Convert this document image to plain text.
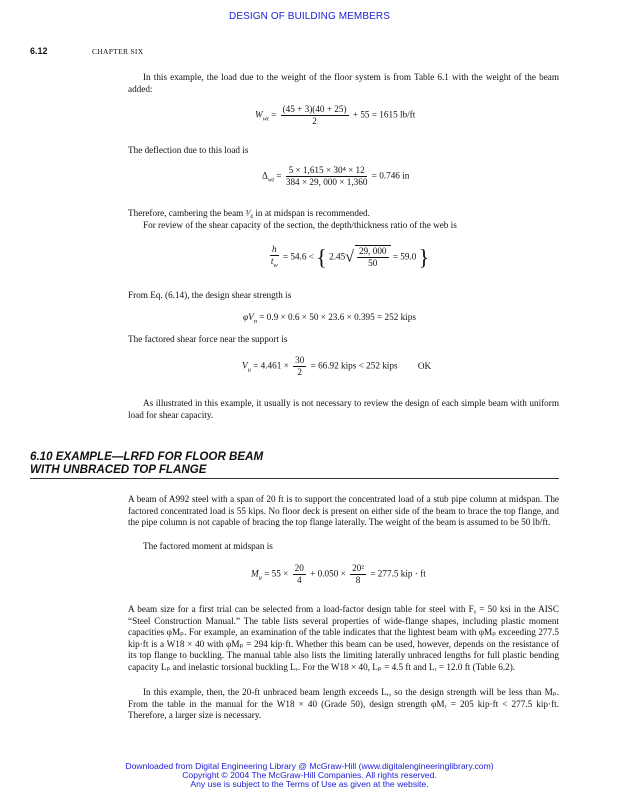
DESIGN OF BUILDING MEMBERS
6.12	CHAPTER SIX

In this example, the load due to the weight of the floor system is from Table 6.1 with the weight of the beam added:

$W_{wt} = \frac{(45 + 3)(40 + 25)}{2} + 55 = 1615$ lb/ft

The deflection due to this load is

$\Delta_{wt} = \frac{\text{5 × 1,615 × 30⁴ × 12}}{384 \times 29, 000 \times 1,360} = 0.746$ in

Therefore, cambering the beam ³⁄₄ in at midspan is recommended.

For review of the shear capacity of the section, the depth/thickness ratio of the web is

$\frac{h}{t_w} = 54.6$ < { $2.45√ \frac{29, 000}{50} = 59.0$ }

From Eq. (6.14), the design shear strength is

$\varphi V_n = 0.9 \times 0.6 \times 50 \times 23.6 \times 0.395 = 252$ kips

The factored shear force near the support is

$V_u = 4.461 \times \frac{30}{2} = 66.92$ kips < 252 kips OK

As illustrated in this example, it usually is not necessary to review the design of each simple beam with uniform load for shear capacity.

6.10 EXAMPLE—LRFD FOR FLOOR BEAM
WITH UNBRACED TOP FLANGE

A beam of A992 steel with a span of 20 ft is to support the concentrated load of a stub pipe column at midspan. The factored concentrated load is 55 kips. No floor deck is present on either side of the beam to brace the top flange, and the pipe column is not capable of bracing the top flange laterally. The weight of the beam is assumed to be 50 lb/ft.

The factored moment at midspan is

$M_u = 55 \times \frac{20}{4} + 0.050 \times \frac{\text{20²}}{8} = 277.5$ kip · ft

A beam size for a first trial can be selected from a load-factor design table for steel with Fᵧ = 50 ksi in the AISC “Steel Construction Manual.” The table lists several properties of wide-flange shapes, including plastic moment capacities φMₚ. For example, an examination of the table indicates that the lightest beam with φMₚ exceeding 277.5 kip·ft is a W18 × 40 with φMₚ = 294 kip·ft. Whether this beam can be used, however, depends on the resistance of its top flange to buckling. The manual table also lists the limiting laterally unbraced lengths for full plastic bending capacity Lₚ and inelastic torsional buckling Lᵣ. For the W18 × 40, Lₚ = 4.5 ft and Lᵣ = 12.0 ft (Table 6.2).

In this example, then, the 20-ft unbraced beam length exceeds Lᵣ, so the design strength will be less than Mₚ. From the table in the manual for the W18 × 40 (Grade 50), design strength φMᵣ = 205 kip·ft < 277.5 kip·ft. Therefore, a larger size is necessary.

Downloaded from Digital Engineering Library @ McGraw-Hill (www.digitalengineeringlibrary.com)
Copyright © 2004 The McGraw-Hill Companies. All rights reserved.
Any use is subject to the Terms of Use as given at the website.
